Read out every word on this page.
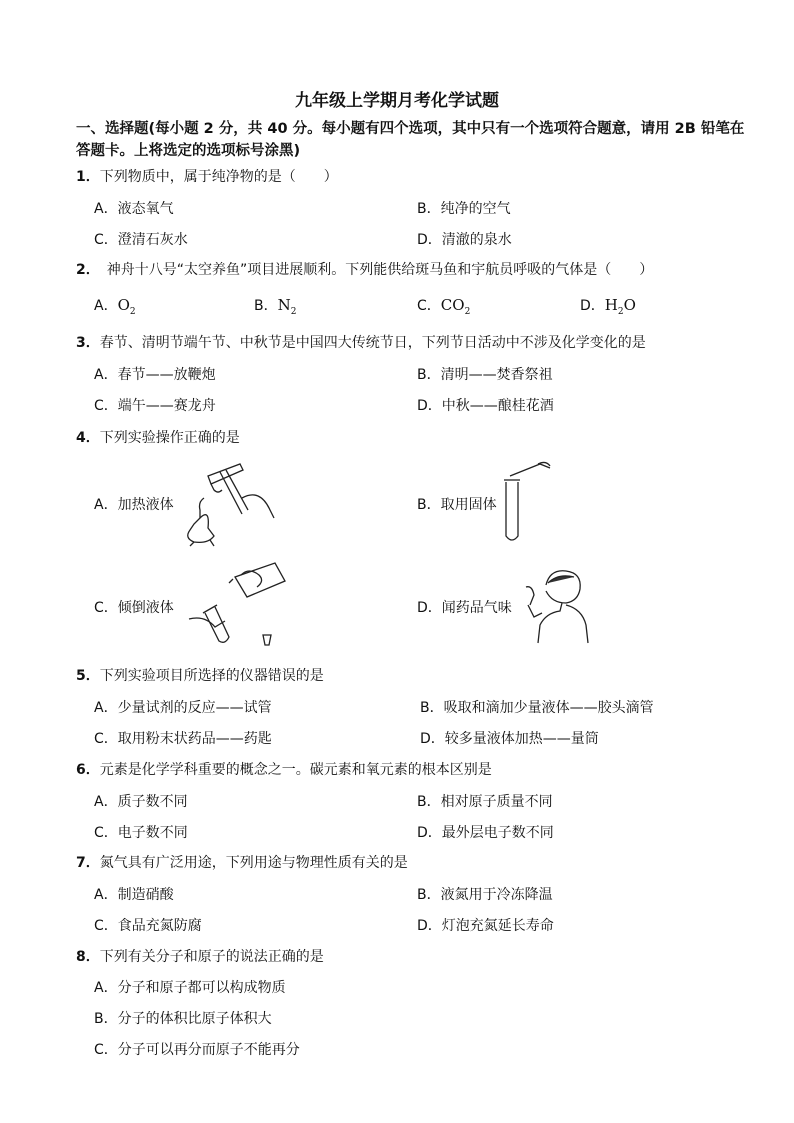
九年级上学期月考化学试题
一、选择题(每小题 2 分，共 40 分。每小题有四个选项，其中只有一个选项符合题意，请用 2B 铅笔在答题卡。上将选定的选项标号涂黑)
1．下列物质中，属于纯净物的是（　　）
A．液态氧气	B．纯净的空气
C．澄清石灰水	D．清澈的泉水
2．　神舟十八号“太空养鱼”项目进展顺利。下列能供给斑马鱼和宇航员呼吸的气体是（　　）
A．$O_2$	B．$N_2$	C．$CO_2$	D．$H_2O$
3．春节、清明节端午节、中秋节是中国四大传统节日，下列节日活动中不涉及化学变化的是
A．春节——放鞭炮	B．清明——焚香祭祖
C．端午——赛龙舟	D．中秋——酿桂花酒
4．下列实验操作正确的是
A．加热液体	B．取用固体
C．倾倒液体	D．闻药品气味
5．下列实验项目所选择的仪器错误的是
A．少量试剂的反应——试管	B．吸取和滴加少量液体——胶头滴管
C．取用粉末状药品——药匙	D．较多量液体加热——量筒
6．元素是化学学科重要的概念之一。碳元素和氧元素的根本区别是
A．质子数不同	B．相对原子质量不同
C．电子数不同	D．最外层电子数不同
7．氮气具有广泛用途，下列用途与物理性质有关的是
A．制造硝酸	B．液氮用于冷冻降温
C．食品充氮防腐	D．灯泡充氮延长寿命
8．下列有关分子和原子的说法正确的是
A．分子和原子都可以构成物质
B．分子的体积比原子体积大
C．分子可以再分而原子不能再分
